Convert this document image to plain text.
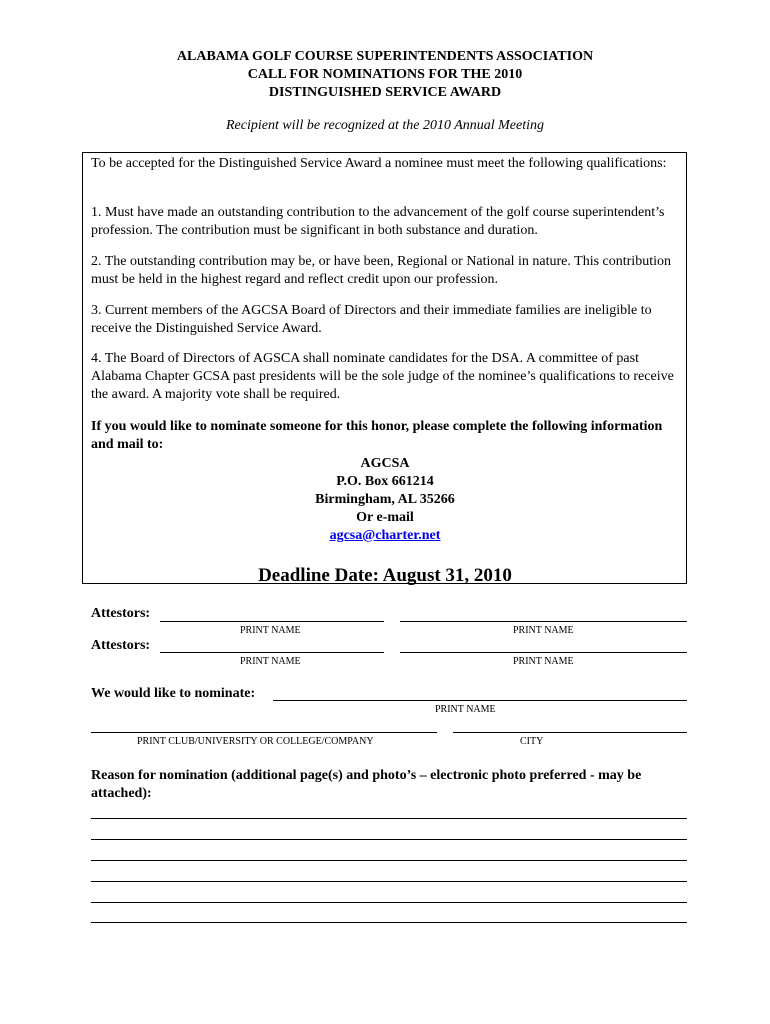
ALABAMA GOLF COURSE SUPERINTENDENTS ASSOCIATION
CALL FOR NOMINATIONS FOR THE 2010
DISTINGUISHED SERVICE AWARD
Recipient will be recognized at the 2010 Annual Meeting

To be accepted for the Distinguished Service Award a nominee must meet the following qualifications:

1. Must have made an outstanding contribution to the advancement of the golf course superintendent’s profession. The contribution must be significant in both substance and duration.

2. The outstanding contribution may be, or have been, Regional or National in nature. This contribution must be held in the highest regard and reflect credit upon our profession.

3. Current members of the AGCSA Board of Directors and their immediate families are ineligible to receive the Distinguished Service Award.

4. The Board of Directors of AGSCA shall nominate candidates for the DSA. A committee of past Alabama Chapter GCSA past presidents will be the sole judge of the nominee’s qualifications to receive the award. A majority vote shall be required.

If you would like to nominate someone for this honor, please complete the following information and mail to:

AGCSA
P.O. Box 661214
Birmingham, AL 35266
Or e-mail
agcsa@charter.net
Deadline Date: August 31, 2010
Attestors:
PRINT NAME	PRINT NAME
Attestors:
PRINT NAME	PRINT NAME
We would like to nominate:
PRINT NAME
PRINT CLUB/UNIVERSITY OR COLLEGE/COMPANY	CITY

Reason for nomination (additional page(s) and photo’s – electronic photo preferred - may be attached):
